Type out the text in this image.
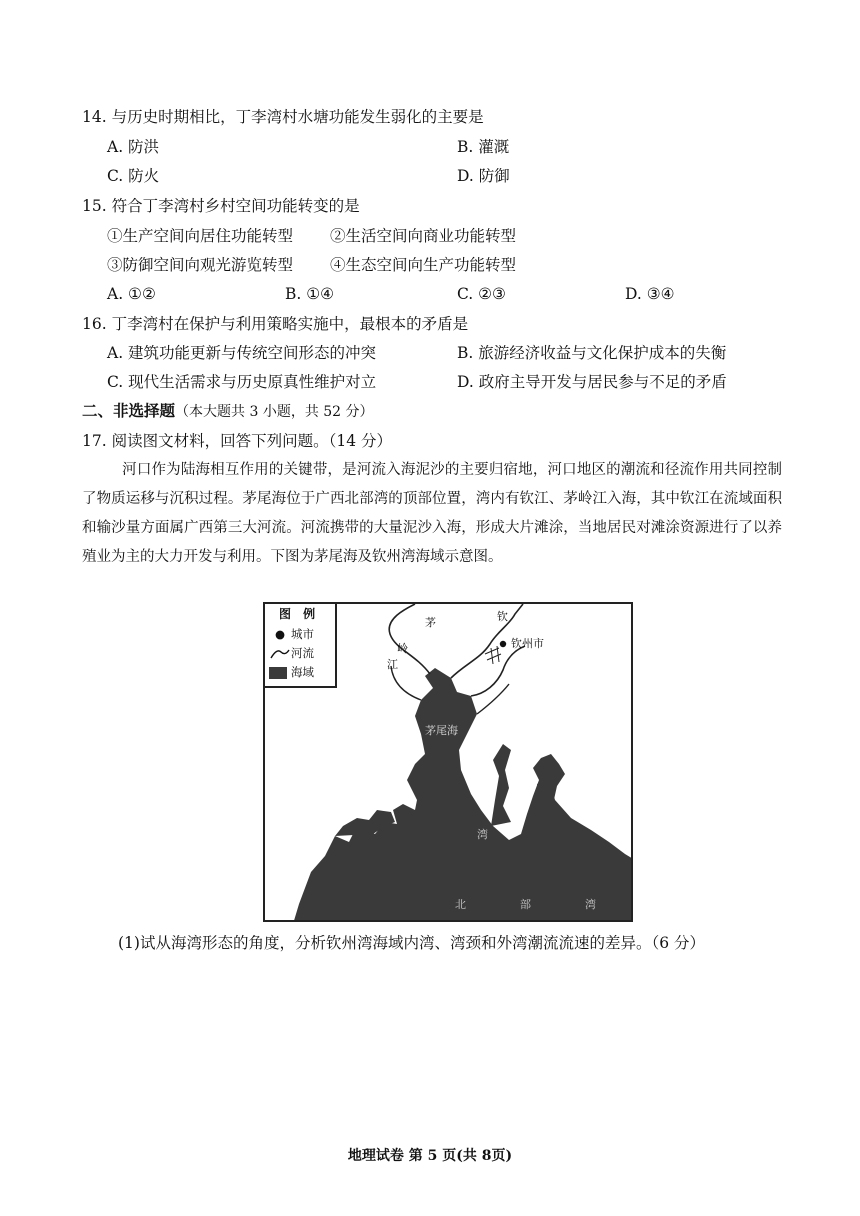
14. 与历史时期相比，丁李湾村水塘功能发生弱化的主要是
A. 防洪	B. 灌溉
C. 防火	D. 防御
15. 符合丁李湾村乡村空间功能转变的是
①生产空间向居住功能转型 ②生活空间向商业功能转型
③防御空间向观光游览转型 ④生态空间向生产功能转型
A. ①②	B. ①④	C. ②③	D. ③④
16. 丁李湾村在保护与利用策略实施中，最根本的矛盾是
A. 建筑功能更新与传统空间形态的冲突	B. 旅游经济收益与文化保护成本的失衡
C. 现代生活需求与历史原真性维护对立	D. 政府主导开发与居民参与不足的矛盾
二、非选择题（本大题共 3 小题，共 52 分）
17. 阅读图文材料，回答下列问题。（14 分）
河口作为陆海相互作用的关键带，是河流入海泥沙的主要归宿地，河口地区的潮流和径流作用共同控制了物质运移与沉积过程。茅尾海位于广西北部湾的顶部位置，湾内有钦江、茅岭江入海，其中钦江在流域面积和输沙量方面属广西第三大河流。河流携带的大量泥沙入海，形成大片滩涂，当地居民对滩涂资源进行了以养殖业为主的大力开发与利用。下图为茅尾海及钦州湾海域示意图。
图 例
● 城市
河流
海域
钦州市
茅尾海
江
岭
茅	钦
湾
北	部	湾
(1)试从海湾形态的角度，分析钦州湾海域内湾、湾颈和外湾潮流流速的差异。（6 分）
地理试卷 第 5 页(共 8页)
